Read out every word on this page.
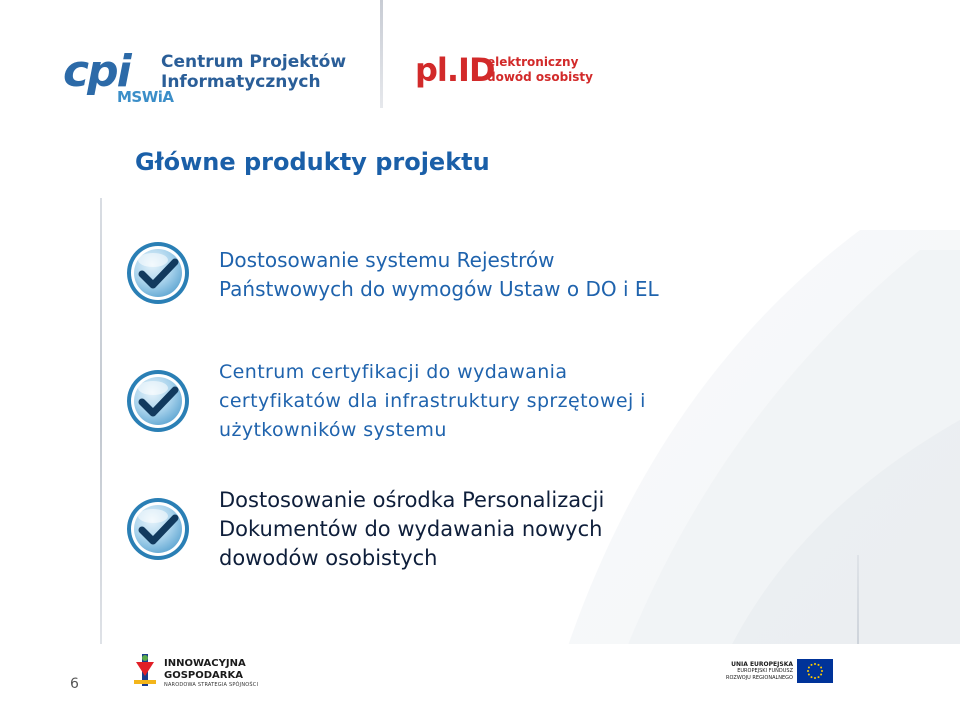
cpi Centrum Projektów
Informatycznych
MSWiA
pl.ID
elektroniczny
dowód osobisty
Główne produkty projektu

Dostosowanie systemu Rejestrów
Państwowych do wymogów Ustaw o DO i EL

Centrum certyfikacji do wydawania
certyfikatów dla infrastruktury sprzętowej i
użytkowników systemu

Dostosowanie ośrodka Personalizacji
Dokumentów do wydawania nowych
dowodów osobistych

6
INNOWACYJNA
GOSPODARKA
NARODOWA STRATEGIA SPÓJNOŚCI
UNIA EUROPEJSKA
EUROPEJSKI FUNDUSZ
ROZWOJU REGIONALNEGO
